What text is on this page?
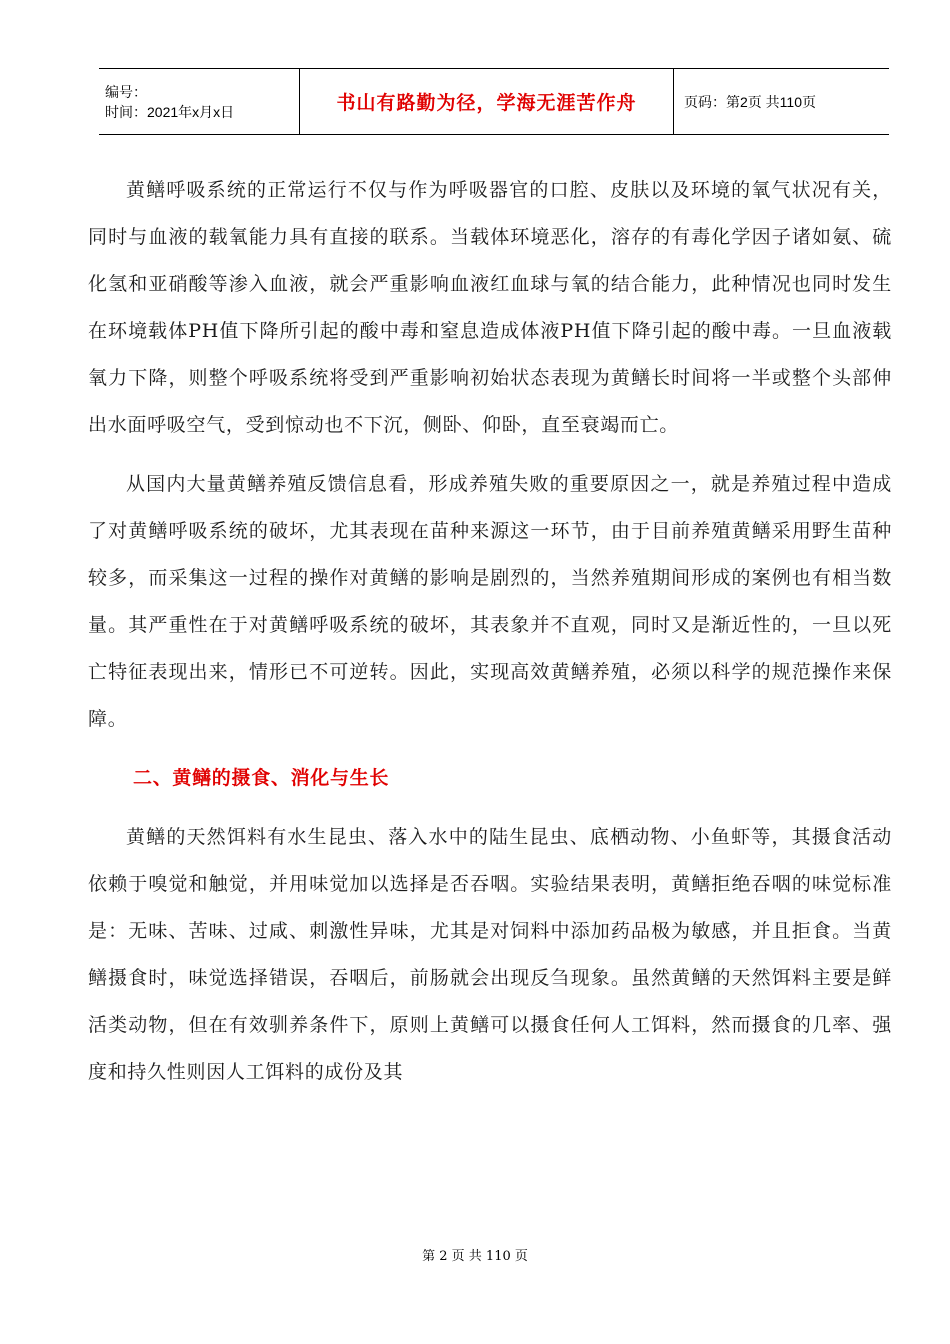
编号：
时间：2021年x月x日	书山有路勤为径，学海无涯苦作舟	页码：第2页 共110页

黄鳝呼吸系统的正常运行不仅与作为呼吸器官的口腔、皮肤以及环境的氧气状况有关，同时与血液的载氧能力具有直接的联系。当载体环境恶化，溶存的有毒化学因子诸如氨、硫化氢和亚硝酸等渗入血液，就会严重影响血液红血球与氧的结合能力，此种情况也同时发生在环境载体PH值下降所引起的酸中毒和窒息造成体液PH值下降引起的酸中毒。一旦血液载氧力下降，则整个呼吸系统将受到严重影响初始状态表现为黄鳝长时间将一半或整个头部伸出水面呼吸空气，受到惊动也不下沉，侧卧、仰卧，直至衰竭而亡。

从国内大量黄鳝养殖反馈信息看，形成养殖失败的重要原因之一，就是养殖过程中造成了对黄鳝呼吸系统的破坏，尤其表现在苗种来源这一环节，由于目前养殖黄鳝采用野生苗种较多，而采集这一过程的操作对黄鳝的影响是剧烈的，当然养殖期间形成的案例也有相当数量。其严重性在于对黄鳝呼吸系统的破坏，其表象并不直观，同时又是渐近性的，一旦以死亡特征表现出来，情形已不可逆转。因此，实现高效黄鳝养殖，必须以科学的规范操作来保障。

二、黄鳝的摄食、消化与生长

黄鳝的天然饵料有水生昆虫、落入水中的陆生昆虫、底栖动物、小鱼虾等，其摄食活动依赖于嗅觉和触觉，并用味觉加以选择是否吞咽。实验结果表明，黄鳝拒绝吞咽的味觉标准是：无味、苦味、过咸、刺激性异味，尤其是对饲料中添加药品极为敏感，并且拒食。当黄鳝摄食时，味觉选择错误，吞咽后，前肠就会出现反刍现象。虽然黄鳝的天然饵料主要是鲜活类动物，但在有效驯养条件下，原则上黄鳝可以摄食任何人工饵料，然而摄食的几率、强度和持久性则因人工饵料的成份及其

第 2 页 共 110 页
